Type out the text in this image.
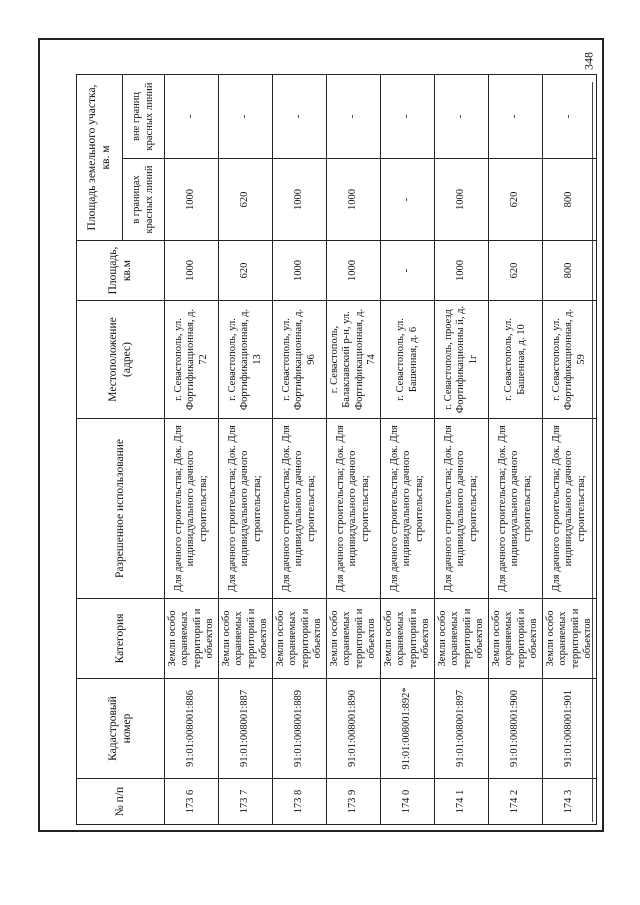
348
№ п/п	Кадастровый номер	Категория	Разрешенное использование	Местоположение (адрес)	Площадь, кв.м	Площадь земельного участка, кв. м	
						в границах красных линий	вне границ красных линий
173 6	91:01:008001:886	Земли особо охраняемых территорий и объектов	Для дачного строительства; Док. Для индивидуального дачного строительства;	г. Севастополь, ул. Фортификационная, д. 72	1000	1000	-
173 7	91:01:008001:887	Земли особо охраняемых территорий и объектов	Для дачного строительства; Док. Для индивидуального дачного строительства;	г. Севастополь, ул. Фортификационная, д. 13	620	620	-
173 8	91:01:008001:889	Земли особо охраняемых территорий и объектов	Для дачного строительства; Док. Для индивидуального дачного строительства;	г. Севастополь, ул. Фортификационная, д. 96	1000	1000	-
173 9	91:01:008001:890	Земли особо охраняемых территорий и объектов	Для дачного строительства; Док. Для индивидуального дачного строительства;	г. Севастополь, Балаклавский р-н, ул. Фортификационная, д. 74	1000	1000	-
174 0	91:01:008001:892*	Земли особо охраняемых территорий и объектов	Для дачного строительства; Док. Для индивидуального дачного строительства;	г. Севастополь, ул. Башенная, д. 6	-	-	-
174 1	91:01:008001:897	Земли особо охраняемых территорий и объектов	Для дачного строительства; Док. Для индивидуального дачного строительства;	г. Севастополь, проезд Фортификационны й, д. 1г	1000	1000	-
174 2	91:01:008001:900	Земли особо охраняемых территорий и объектов	Для дачного строительства; Док. Для индивидуального дачного строительства;	г. Севастополь, ул. Башенная, д. 10	620	620	-
174 3	91:01:008001:901	Земли особо охраняемых территорий и объектов	Для дачного строительства; Док. Для индивидуального дачного строительства;	г. Севастополь, ул. Фортификационная, д. 59	800	800	-
